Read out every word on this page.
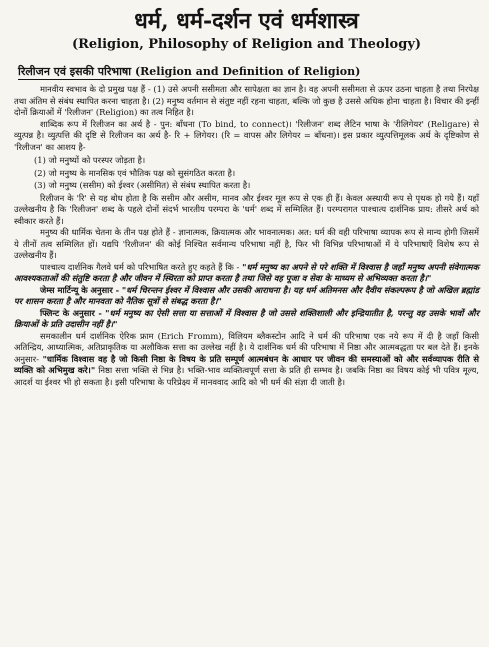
धर्म, धर्म-दर्शन एवं धर्मशास्त्र
(Religion, Philosophy of Religion and Theology)
रिलीजन एवं इसकी परिभाषा (Religion and Definition of Religion)

मानवीय स्वभाव के दो प्रमुख पक्ष हैं - (1) उसे अपनी ससीमता और सापेक्षता का ज्ञान है। वह अपनी ससीमता से ऊपर उठना चाहता है तथा निरपेक्ष तथा अंतिम से संबंध स्थापित करना चाहता है। (2) मनुष्य वर्तमान से संतुष्ट नहीं रहना चाहता, बल्कि जो कुछ है उससे अधिक होना चाहता है। विचार की इन्हीं दोनों क्रियाओं में 'रिलीजन' (Religion) का तत्व निहित है।

शाब्दिक रूप में रिलीजन का अर्थ है - पुन: बाँधना (To bind, to connect)। 'रिलीजन' शब्द लैटिन भाषा के 'रीलिगेयर' (Religare) से व्युत्पन्न है। व्युत्पत्ति की दृष्टि से रिलीजन का अर्थ है- रि + लिगेयर। (रि = वापस और लिगेयर = बाँधना)। इस प्रकार व्युत्पत्तिमूलक अर्थ के दृष्टिकोण से 'रिलीजन' का आशय है-

(1) जो मनुष्यों को परस्पर जोड़ता है।

(2) जो मनुष्य के मानसिक एवं भौतिक पक्ष को सुसंगठित करता है।

(3) जो मनुष्य (ससीम) को ईश्वर (असीमित) से संबंध स्थापित करता है।

रिलीजन के 'रि' से यह बोध होता है कि ससीम और असीम, मानव और ईश्वर मूल रूप से एक ही हैं। केवल अस्थायी रूप से पृथक हो गये हैं। यहाँ उल्लेखनीय है कि 'रिलीजन' शब्द के पहले दोनों संदर्भ भारतीय परम्परा के 'धर्म' शब्द में सम्मिलित हैं। परम्परागत पाश्चात्य दार्शनिक प्राय: तीसरे अर्थ को स्वीकार करते हैं।

मनुष्य की धार्मिक चेतना के तीन पक्ष होते हैं - ज्ञानात्मक, क्रियात्मक और भावनात्मक। अत: धर्म की वही परिभाषा व्यापक रूप से मान्य होगी जिसमें ये तीनों तत्व सम्मिलित हों। यद्यपि 'रिलीजन' की कोई निश्चित सर्वमान्य परिभाषा नहीं है, फिर भी विभिन्न परिभाषाओं में ये परिभाषाएँ विशेष रूप से उल्लेखनीय हैं।

पाश्चात्य दार्शनिक गैलवे धर्म को परिभाषित करते हुए कहते हैं कि - "धर्म मनुष्य का अपने से परे शक्ति में विश्वास है जहाँ मनुष्य अपनी संवेगात्मक आवश्यकताओं की संतुष्टि करता है और जीवन में स्थिरता को प्राप्त करता है तथा जिसे वह पूजा व सेवा के माध्यम से अभिव्यक्त करता है।"

जेम्स मार्टिन्यू के अनुसार - "धर्म चिरन्तन ईश्वर में विश्वास और उसकी आराधना है। यह धर्म अतिमनस और दैवीय संकल्परूप है जो अखिल ब्रह्मांड पर शासन करता है और मानवता को नैतिक सूत्रों से संबद्ध करता है।"

फ्लिन्ट के अनुसार - "धर्म मनुष्य का ऐसी सत्ता या सत्ताओं में विश्वास है जो उससे शक्तिशाली और इन्द्रियातीत है, परन्तु वह उसके भावों और क्रियाओं के प्रति उदासीन नहीं है।"

समकालीन धर्म दार्शनिक ऐरिक फ्राम (Erich Fromm), विलियम ब्लैकस्टोन आदि ने धर्म की परिभाषा एक नये रूप में दी है जहाँ किसी अतिन्द्रिय, आध्यात्मिक, अतिप्राकृतिक या अलौकिक सत्ता का उल्लेख नहीं है। ये दार्शनिक धर्म की परिभाषा में निष्ठा और आत्मबद्धता पर बल देते हैं। इनके अनुसार- "धार्मिक विश्वास वह है जो किसी निष्ठा के विषय के प्रति सम्पूर्ण आत्मबंधन के आधार पर जीवन की समस्याओं को और सर्वव्यापक रीति से व्यक्ति को अभिमुख करे।" निष्ठा सत्ता भक्ति से भिन्न है। भक्ति-भाव व्यक्तित्वपूर्ण सत्ता के प्रति ही सम्भव है। जबकि निष्ठा का विषय कोई भी पवित्र मूल्य, आदर्श या ईश्वर भी हो सकता है। इसी परिभाषा के परिप्रेक्ष्य में मानववाद आदि को भी धर्म की संज्ञा दी जाती है।
